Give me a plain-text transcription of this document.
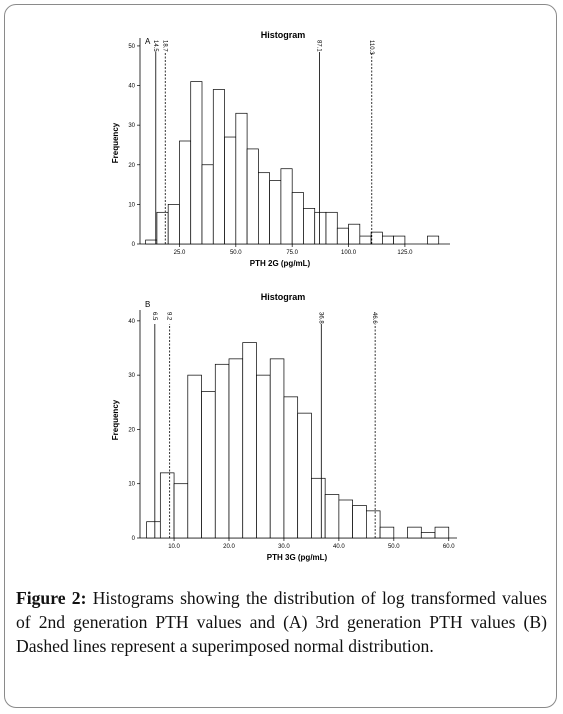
Histogram
A
Frequency
PTH 2G (pg/mL)
0
10
20
30
40
50
25.0	50.0	75.0	100.0	125.0
14.5 18.7	87.1	110.3
Histogram
B
Frequency
PTH 3G (pg/mL)
0
10
20
30
40
10.0	20.0	30.0	40.0	50.0	60.0
6.5 9.2	36.8	46.6
Figure 2: Histograms showing the distribution of log transformed values of 2nd generation PTH values and (A) 3rd generation PTH values (B) Dashed lines represent a superimposed normal distribution.
